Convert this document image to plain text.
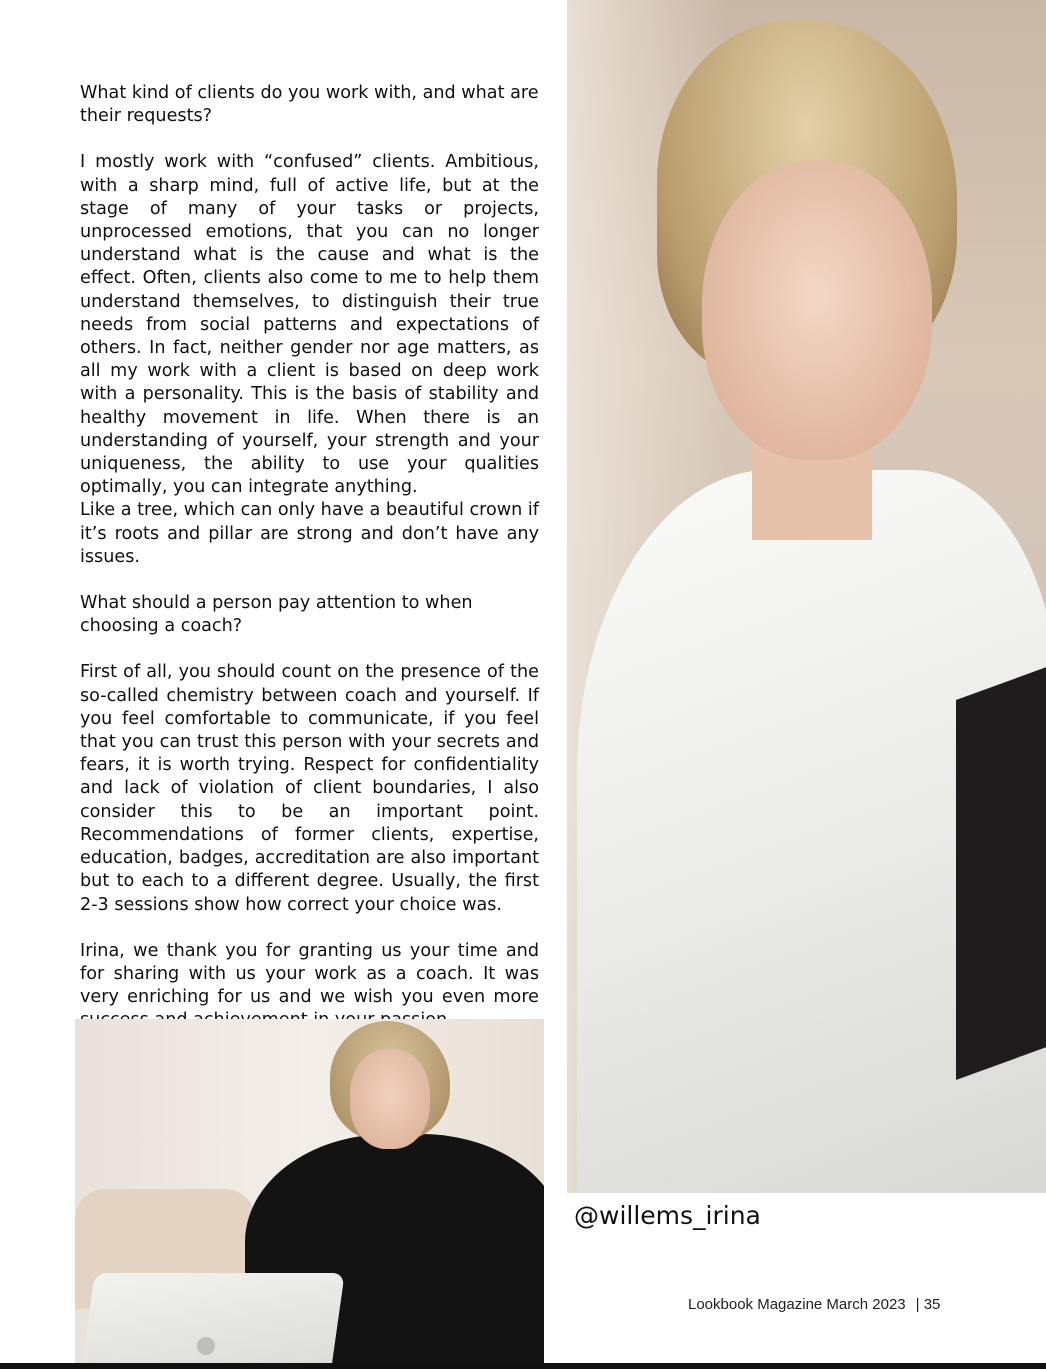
What kind of clients do you work with, and what are their requests?

I mostly work with “confused” clients. Ambitious, with a sharp mind, full of active life, but at the stage of many of your tasks or projects, unprocessed emotions, that you can no longer understand what is the cause and what is the effect. Often, clients also come to me to help them understand themselves, to distinguish their true needs from social patterns and expectations of others. In fact, neither gender nor age matters, as all my work with a client is based on deep work with a personality. This is the basis of stability and healthy movement in life. When there is an understanding of yourself, your strength and your uniqueness, the ability to use your qualities optimally, you can integrate anything.

Like a tree, which can only have a beautiful crown if it’s roots and pillar are strong and don’t have any issues.

What should a person pay attention to when choosing a coach?

First of all, you should count on the presence of the so-called chemistry between coach and yourself. If you feel comfortable to communicate, if you feel that you can trust this person with your secrets and fears, it is worth trying. Respect for confidentiality and lack of violation of client boundaries, I also consider this to be an important point. Recommendations of former clients, expertise, education, badges, accreditation are also important but to each to a different degree. Usually, the first 2-3 sessions show how correct your choice was.

Irina, we thank you for granting us your time and for sharing with us your work as a coach. It was very enriching for us and we wish you even more

@willems_irina
Lookbook Magazine March 2023 | 35
